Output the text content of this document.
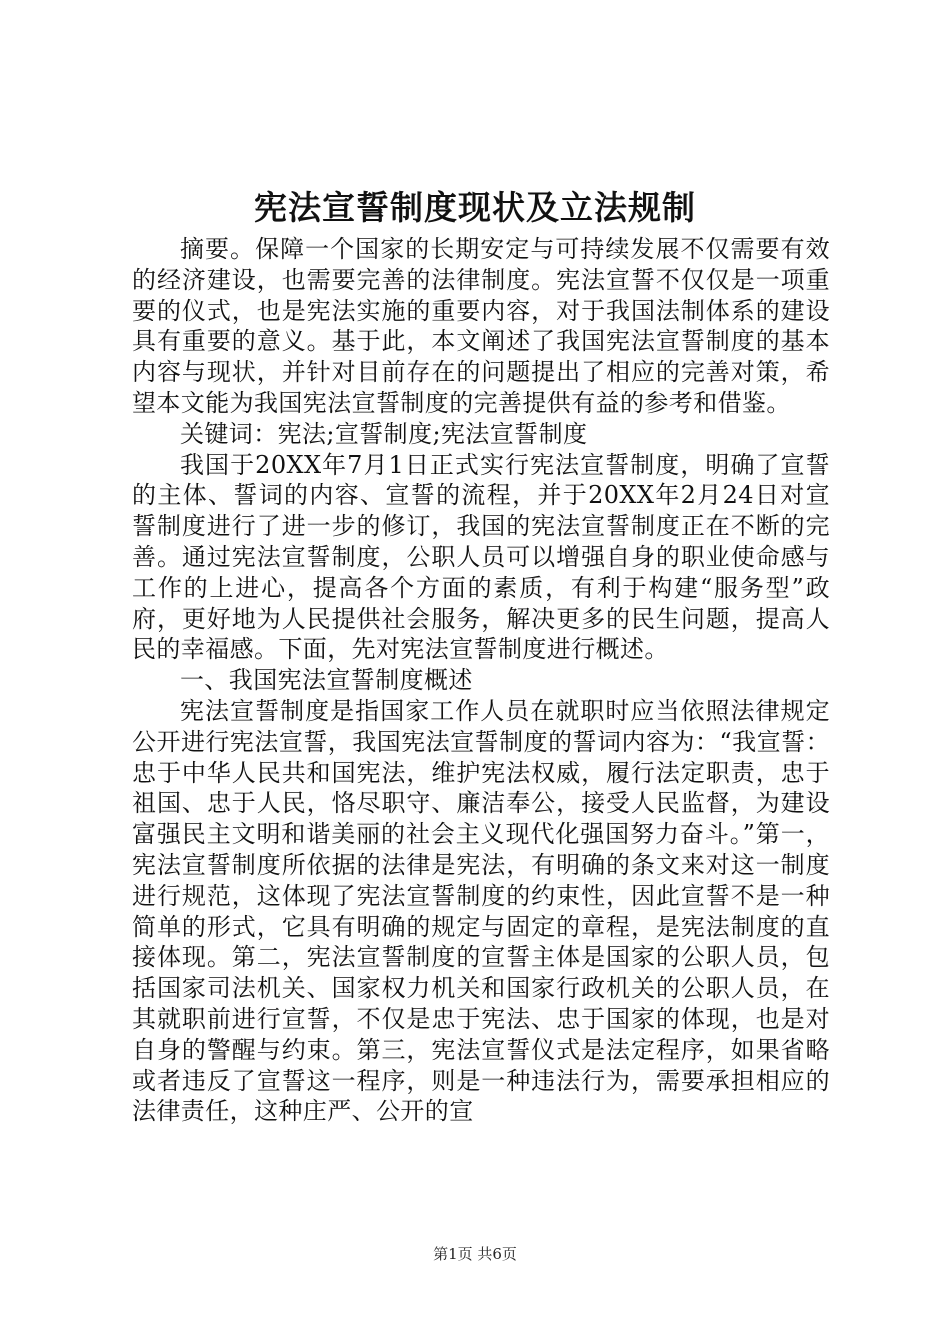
宪法宣誓制度现状及立法规制

摘要。保障一个国家的长期安定与可持续发展不仅需要有效的经济建设，也需要完善的法律制度。宪法宣誓不仅仅是一项重要的仪式，也是宪法实施的重要内容，对于我国法制体系的建设具有重要的意义。基于此，本文阐述了我国宪法宣誓制度的基本内容与现状，并针对目前存在的问题提出了相应的完善对策，希望本文能为我国宪法宣誓制度的完善提供有益的参考和借鉴。

关键词：宪法;宣誓制度;宪法宣誓制度

我国于20XX年7月1日正式实行宪法宣誓制度，明确了宣誓的主体、誓词的内容、宣誓的流程，并于20XX年2月24日对宣誓制度进行了进一步的修订，我国的宪法宣誓制度正在不断的完善。通过宪法宣誓制度，公职人员可以增强自身的职业使命感与工作的上进心，提高各个方面的素质，有利于构建“服务型”政府，更好地为人民提供社会服务，解决更多的民生问题，提高人民的幸福感。下面，先对宪法宣誓制度进行概述。

一、我国宪法宣誓制度概述

宪法宣誓制度是指国家工作人员在就职时应当依照法律规定公开进行宪法宣誓，我国宪法宣誓制度的誓词内容为：“我宣誓：忠于中华人民共和国宪法，维护宪法权威，履行法定职责，忠于祖国、忠于人民，恪尽职守、廉洁奉公，接受人民监督，为建设富强民主文明和谐美丽的社会主义现代化强国努力奋斗。”第一，宪法宣誓制度所依据的法律是宪法，有明确的条文来对这一制度进行规范，这体现了宪法宣誓制度的约束性，因此宣誓不是一种简单的形式，它具有明确的规定与固定的章程，是宪法制度的直接体现。第二，宪法宣誓制度的宣誓主体是国家的公职人员，包括国家司法机关、国家权力机关和国家行政机关的公职人员，在其就职前进行宣誓，不仅是忠于宪法、忠于国家的体现，也是对自身的警醒与约束。第三，宪法宣誓仪式是法定程序，如果省略或者违反了宣誓这一程序，则是一种违法行为，需要承担相应的法律责任，这种庄严、公开的宣

第1页 共6页
